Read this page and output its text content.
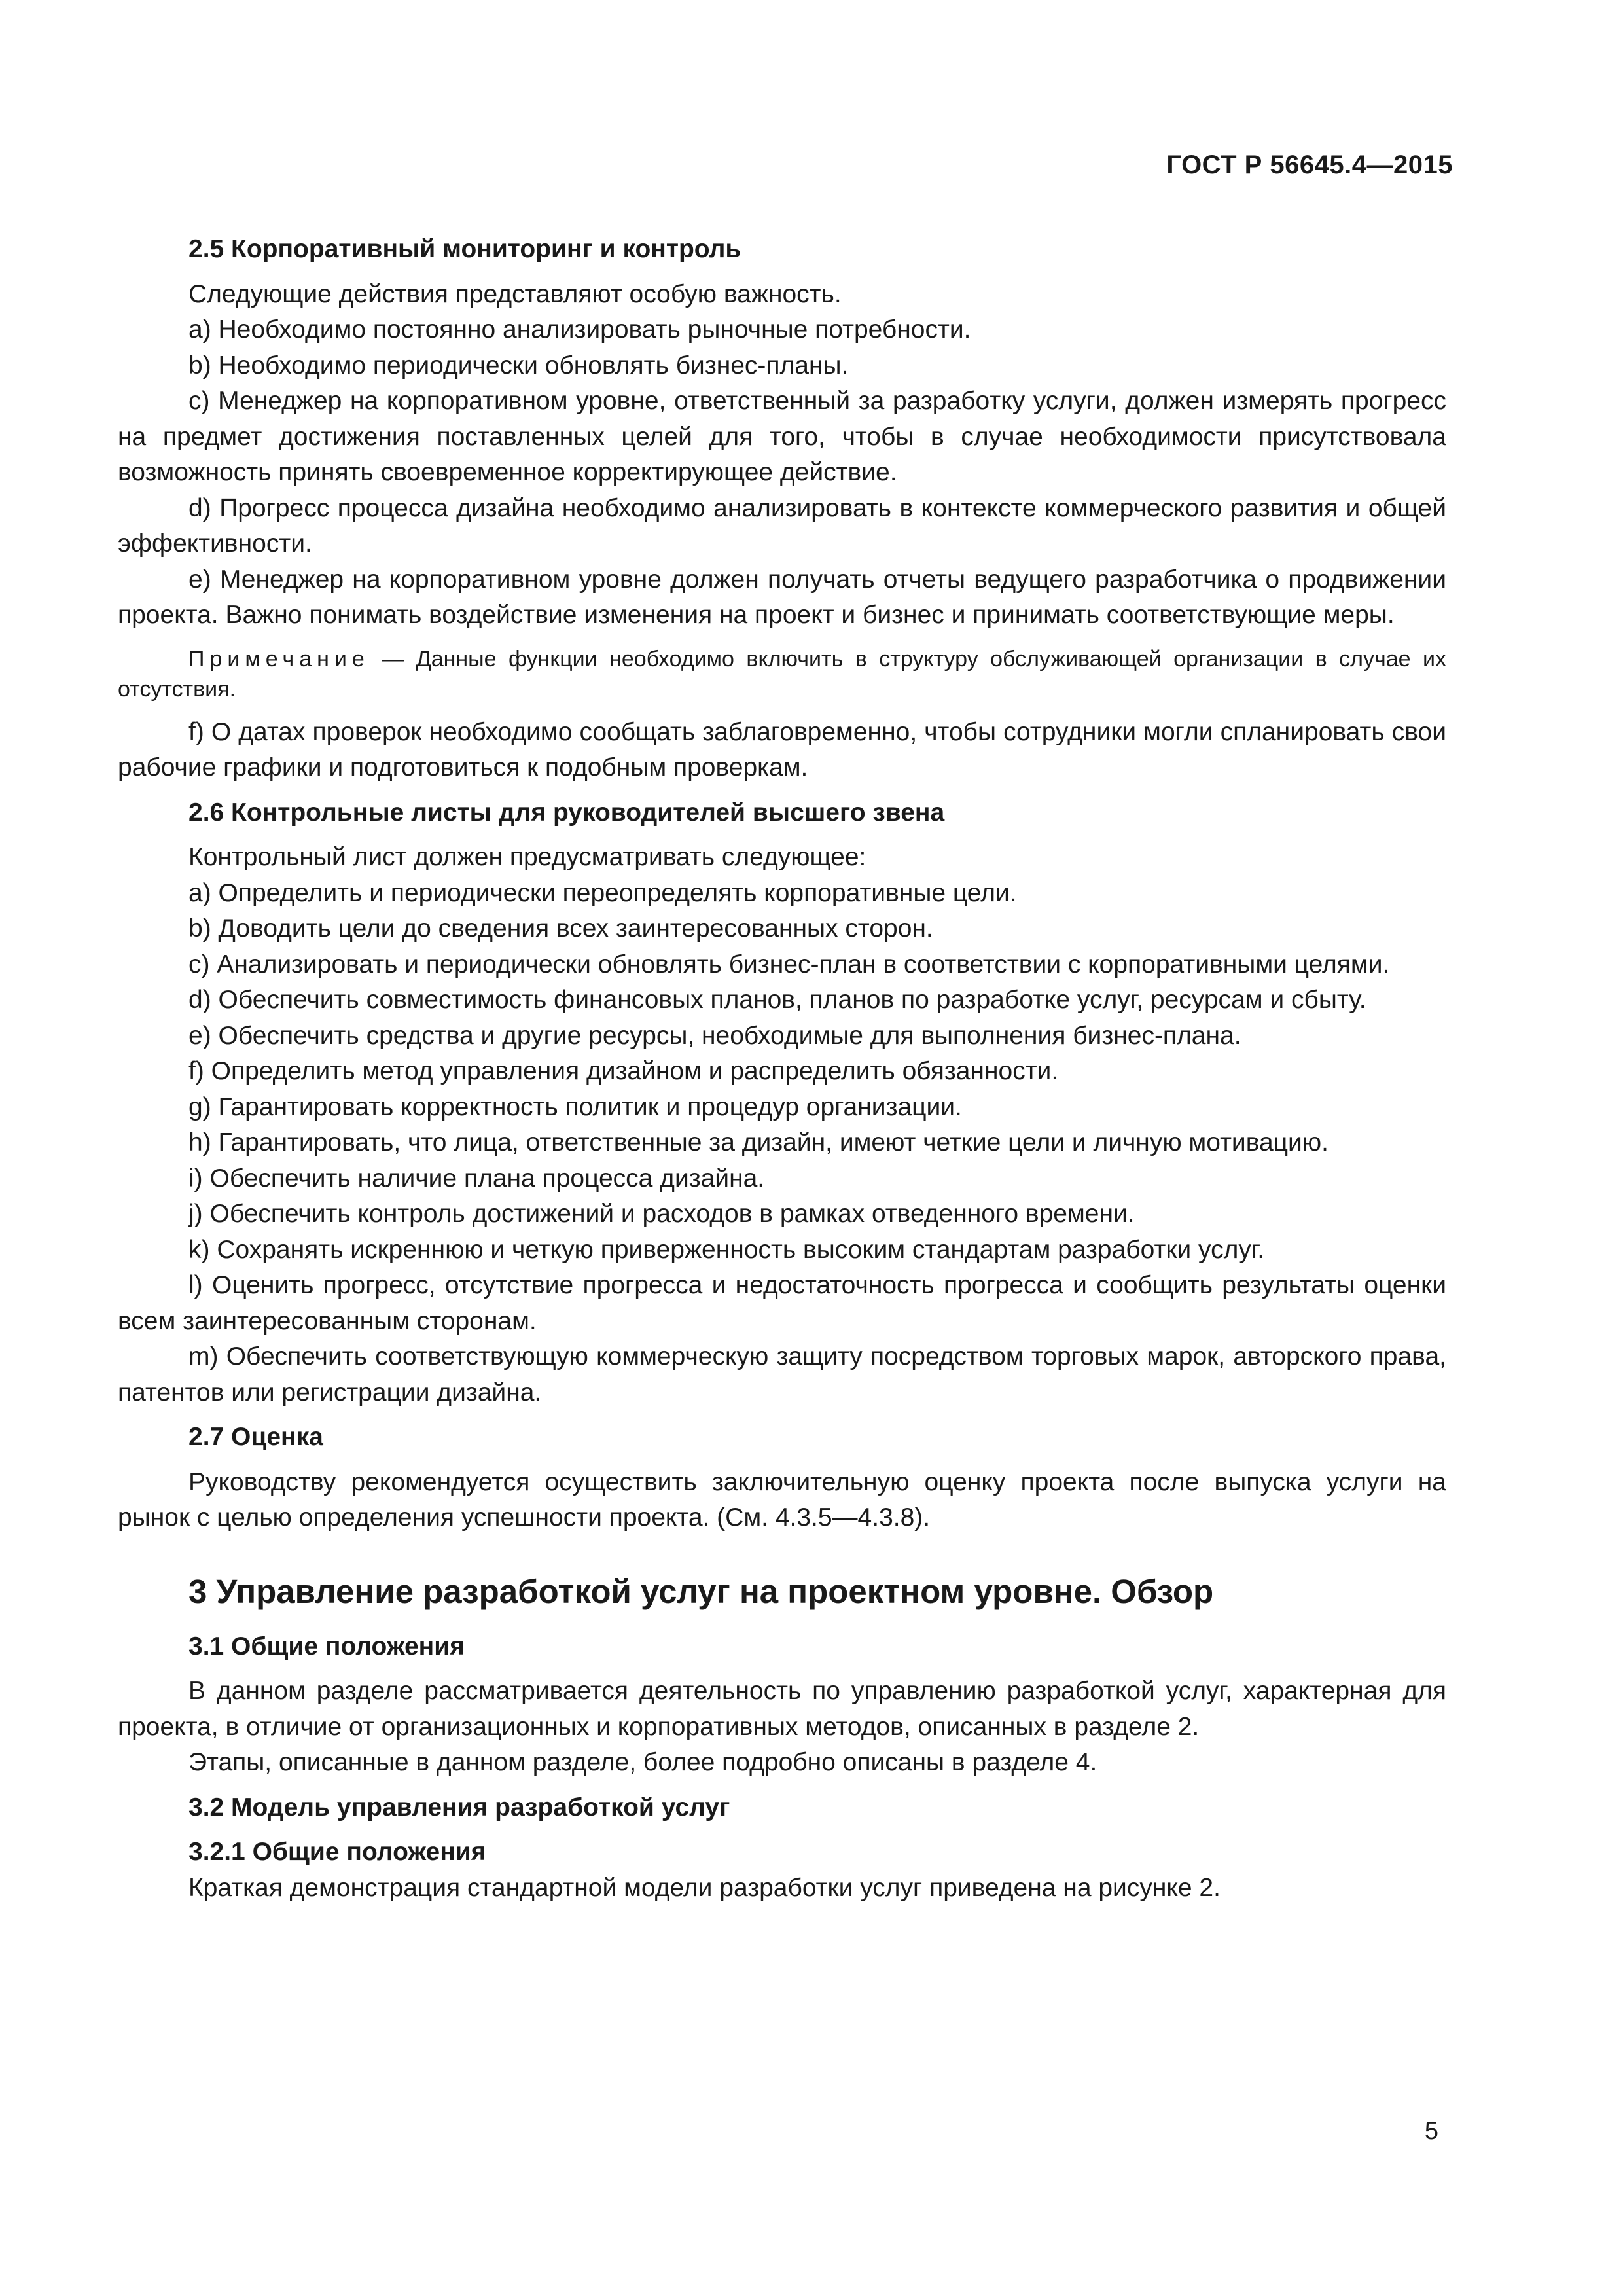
ГОСТ Р 56645.4—2015

2.5 Корпоративный мониторинг и контроль

Следующие действия представляют особую важность.

a) Необходимо постоянно анализировать рыночные потребности.

b) Необходимо периодически обновлять бизнес-планы.

c) Менеджер на корпоративном уровне, ответственный за разработку услуги, должен измерять прогресс на предмет достижения поставленных целей для того, чтобы в случае необходимости присутствовала возможность принять своевременное корректирующее действие.

d) Прогресс процесса дизайна необходимо анализировать в контексте коммерческого развития и общей эффективности.

e) Менеджер на корпоративном уровне должен получать отчеты ведущего разработчика о продвижении проекта. Важно понимать воздействие изменения на проект и бизнес и принимать соответствующие меры.

Примечание — Данные функции необходимо включить в структуру обслуживающей организации в случае их отсутствия.

f) О датах проверок необходимо сообщать заблаговременно, чтобы сотрудники могли спланировать свои рабочие графики и подготовиться к подобным проверкам.

2.6 Контрольные листы для руководителей высшего звена

Контрольный лист должен предусматривать следующее:

a) Определить и периодически переопределять корпоративные цели.

b) Доводить цели до сведения всех заинтересованных сторон.

c) Анализировать и периодически обновлять бизнес-план в соответствии с корпоративными целями.

d) Обеспечить совместимость финансовых планов, планов по разработке услуг, ресурсам и сбыту.

e) Обеспечить средства и другие ресурсы, необходимые для выполнения бизнес-плана.

f) Определить метод управления дизайном и распределить обязанности.

g) Гарантировать корректность политик и процедур организации.

h) Гарантировать, что лица, ответственные за дизайн, имеют четкие цели и личную мотивацию.

i) Обеспечить наличие плана процесса дизайна.

j) Обеспечить контроль достижений и расходов в рамках отведенного времени.

k) Сохранять искреннюю и четкую приверженность высоким стандартам разработки услуг.

l) Оценить прогресс, отсутствие прогресса и недостаточность прогресса и сообщить результаты оценки всем заинтересованным сторонам.

m) Обеспечить соответствующую коммерческую защиту посредством торговых марок, авторского права, патентов или регистрации дизайна.

2.7 Оценка

Руководству рекомендуется осуществить заключительную оценку проекта после выпуска услуги на рынок с целью определения успешности проекта. (См. 4.3.5—4.3.8).

3 Управление разработкой услуг на проектном уровне. Обзор

3.1 Общие положения

В данном разделе рассматривается деятельность по управлению разработкой услуг, характерная для проекта, в отличие от организационных и корпоративных методов, описанных в разделе 2.

Этапы, описанные в данном разделе, более подробно описаны в разделе 4.

3.2 Модель управления разработкой услуг

3.2.1 Общие положения

Краткая демонстрация стандартной модели разработки услуг приведена на рисунке 2.

5
